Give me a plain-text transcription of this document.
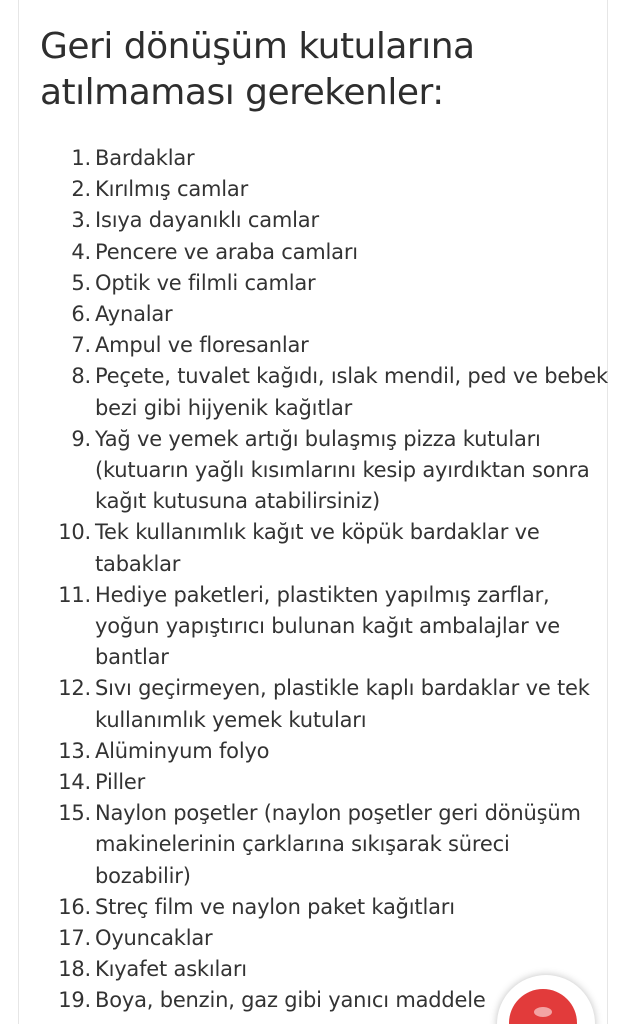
Geri dönüşüm kutularına atılmaması gerekenler:
1. Bardaklar
2. Kırılmış camlar
3. Isıya dayanıklı camlar
4. Pencere ve araba camları
5. Optik ve filmli camlar
6. Aynalar
7. Ampul ve floresanlar
8. Peçete, tuvalet kağıdı, ıslak mendil, ped ve bebek bezi gibi hijyenik kağıtlar
9. Yağ ve yemek artığı bulaşmış pizza kutuları (kutuarın yağlı kısımlarını kesip ayırdıktan sonra kağıt kutusuna atabilirsiniz)
10. Tek kullanımlık kağıt ve köpük bardaklar ve tabaklar
11. Hediye paketleri, plastikten yapılmış zarflar, yoğun yapıştırıcı bulunan kağıt ambalajlar ve bantlar
12. Sıvı geçirmeyen, plastikle kaplı bardaklar ve tek kullanımlık yemek kutuları
13. Alüminyum folyo
14. Piller
15. Naylon poşetler (naylon poşetler geri dönüşüm makinelerinin çarklarına sıkışarak süreci bozabilir)
16. Streç film ve naylon paket kağıtları
17. Oyuncaklar
18. Kıyafet askıları
19. Boya, benzin, gaz gibi yanıcı maddele
